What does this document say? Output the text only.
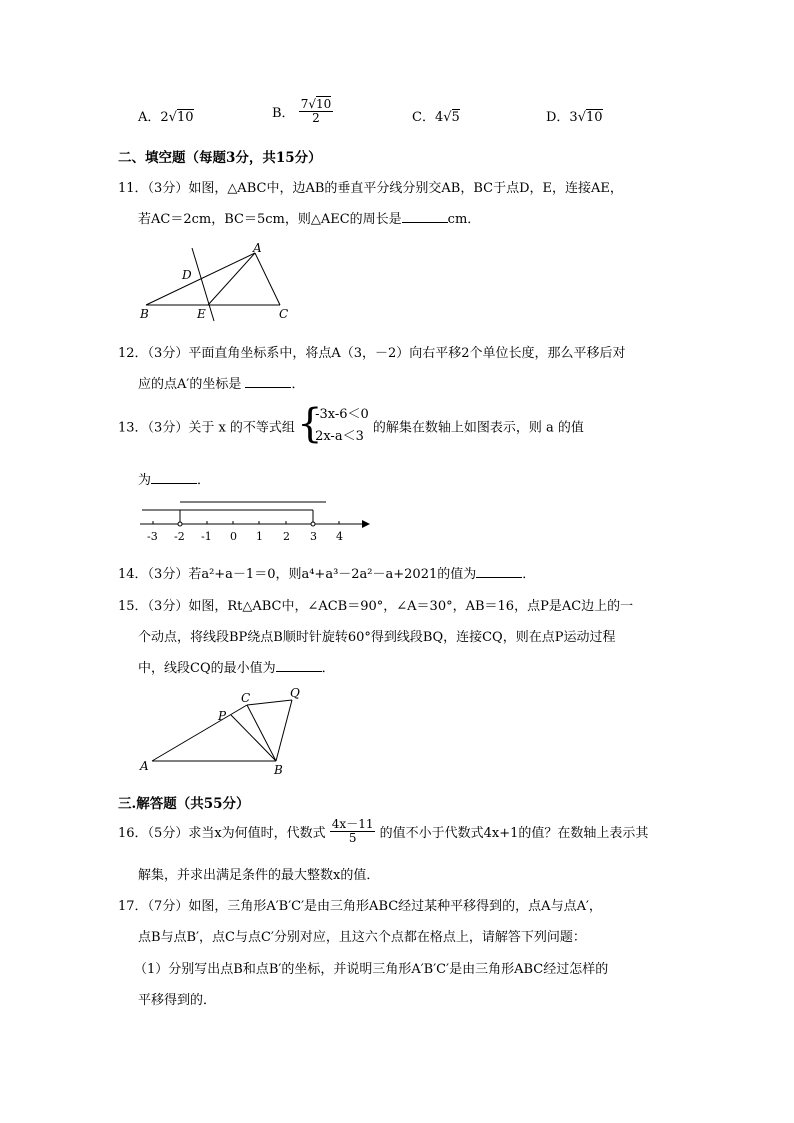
A．2√10	B． $\frac{7√10}{2}$	C．4√5	D．3√10
二、填空题（每题3分，共15分）
11．（3分）如图，△ABC中，边AB的垂直平分线分别交AB，BC于点D，E，连接AE，
若AC＝2cm，BC＝5cm，则△AEC的周长是	cm．
A
D
B	E	C
12．（3分）平面直角坐标系中，将点A（3，－2）向右平移2个单位长度，那么平移后对
应的点A′的坐标是	．
13．（3分）关于 x 的不等式组 {
-3x-6＜0
2x-a＜3
的解集在数轴上如图表示，则 a 的值
为	．
-3 -2 -1 0 1 2 3 4
14．（3分）若a²+a－1＝0，则a⁴+a³－2a²－a+2021的值为	．
15．（3分）如图，Rt△ABC中，∠ACB＝90°，∠A＝30°，AB＝16，点P是AC边上的一
个动点，将线段BP绕点B顺时针旋转60°得到线段BQ，连接CQ，则在点P运动过程
中，线段CQ的最小值为	．
A
P
C	Q
B
三.解答题（共55分）
16．（5分）求当x为何值时，代数式 $\frac{4x-11}{5}$ 的值不小于代数式4x+1的值？在数轴上表示其
解集，并求出满足条件的最大整数x的值．
17．（7分）如图，三角形A′B′C′是由三角形ABC经过某种平移得到的，点A与点A′，
点B与点B′，点C与点C′分别对应，且这六个点都在格点上，请解答下列问题：
（1）分别写出点B和点B′的坐标，并说明三角形A′B′C′是由三角形ABC经过怎样的
平移得到的．
